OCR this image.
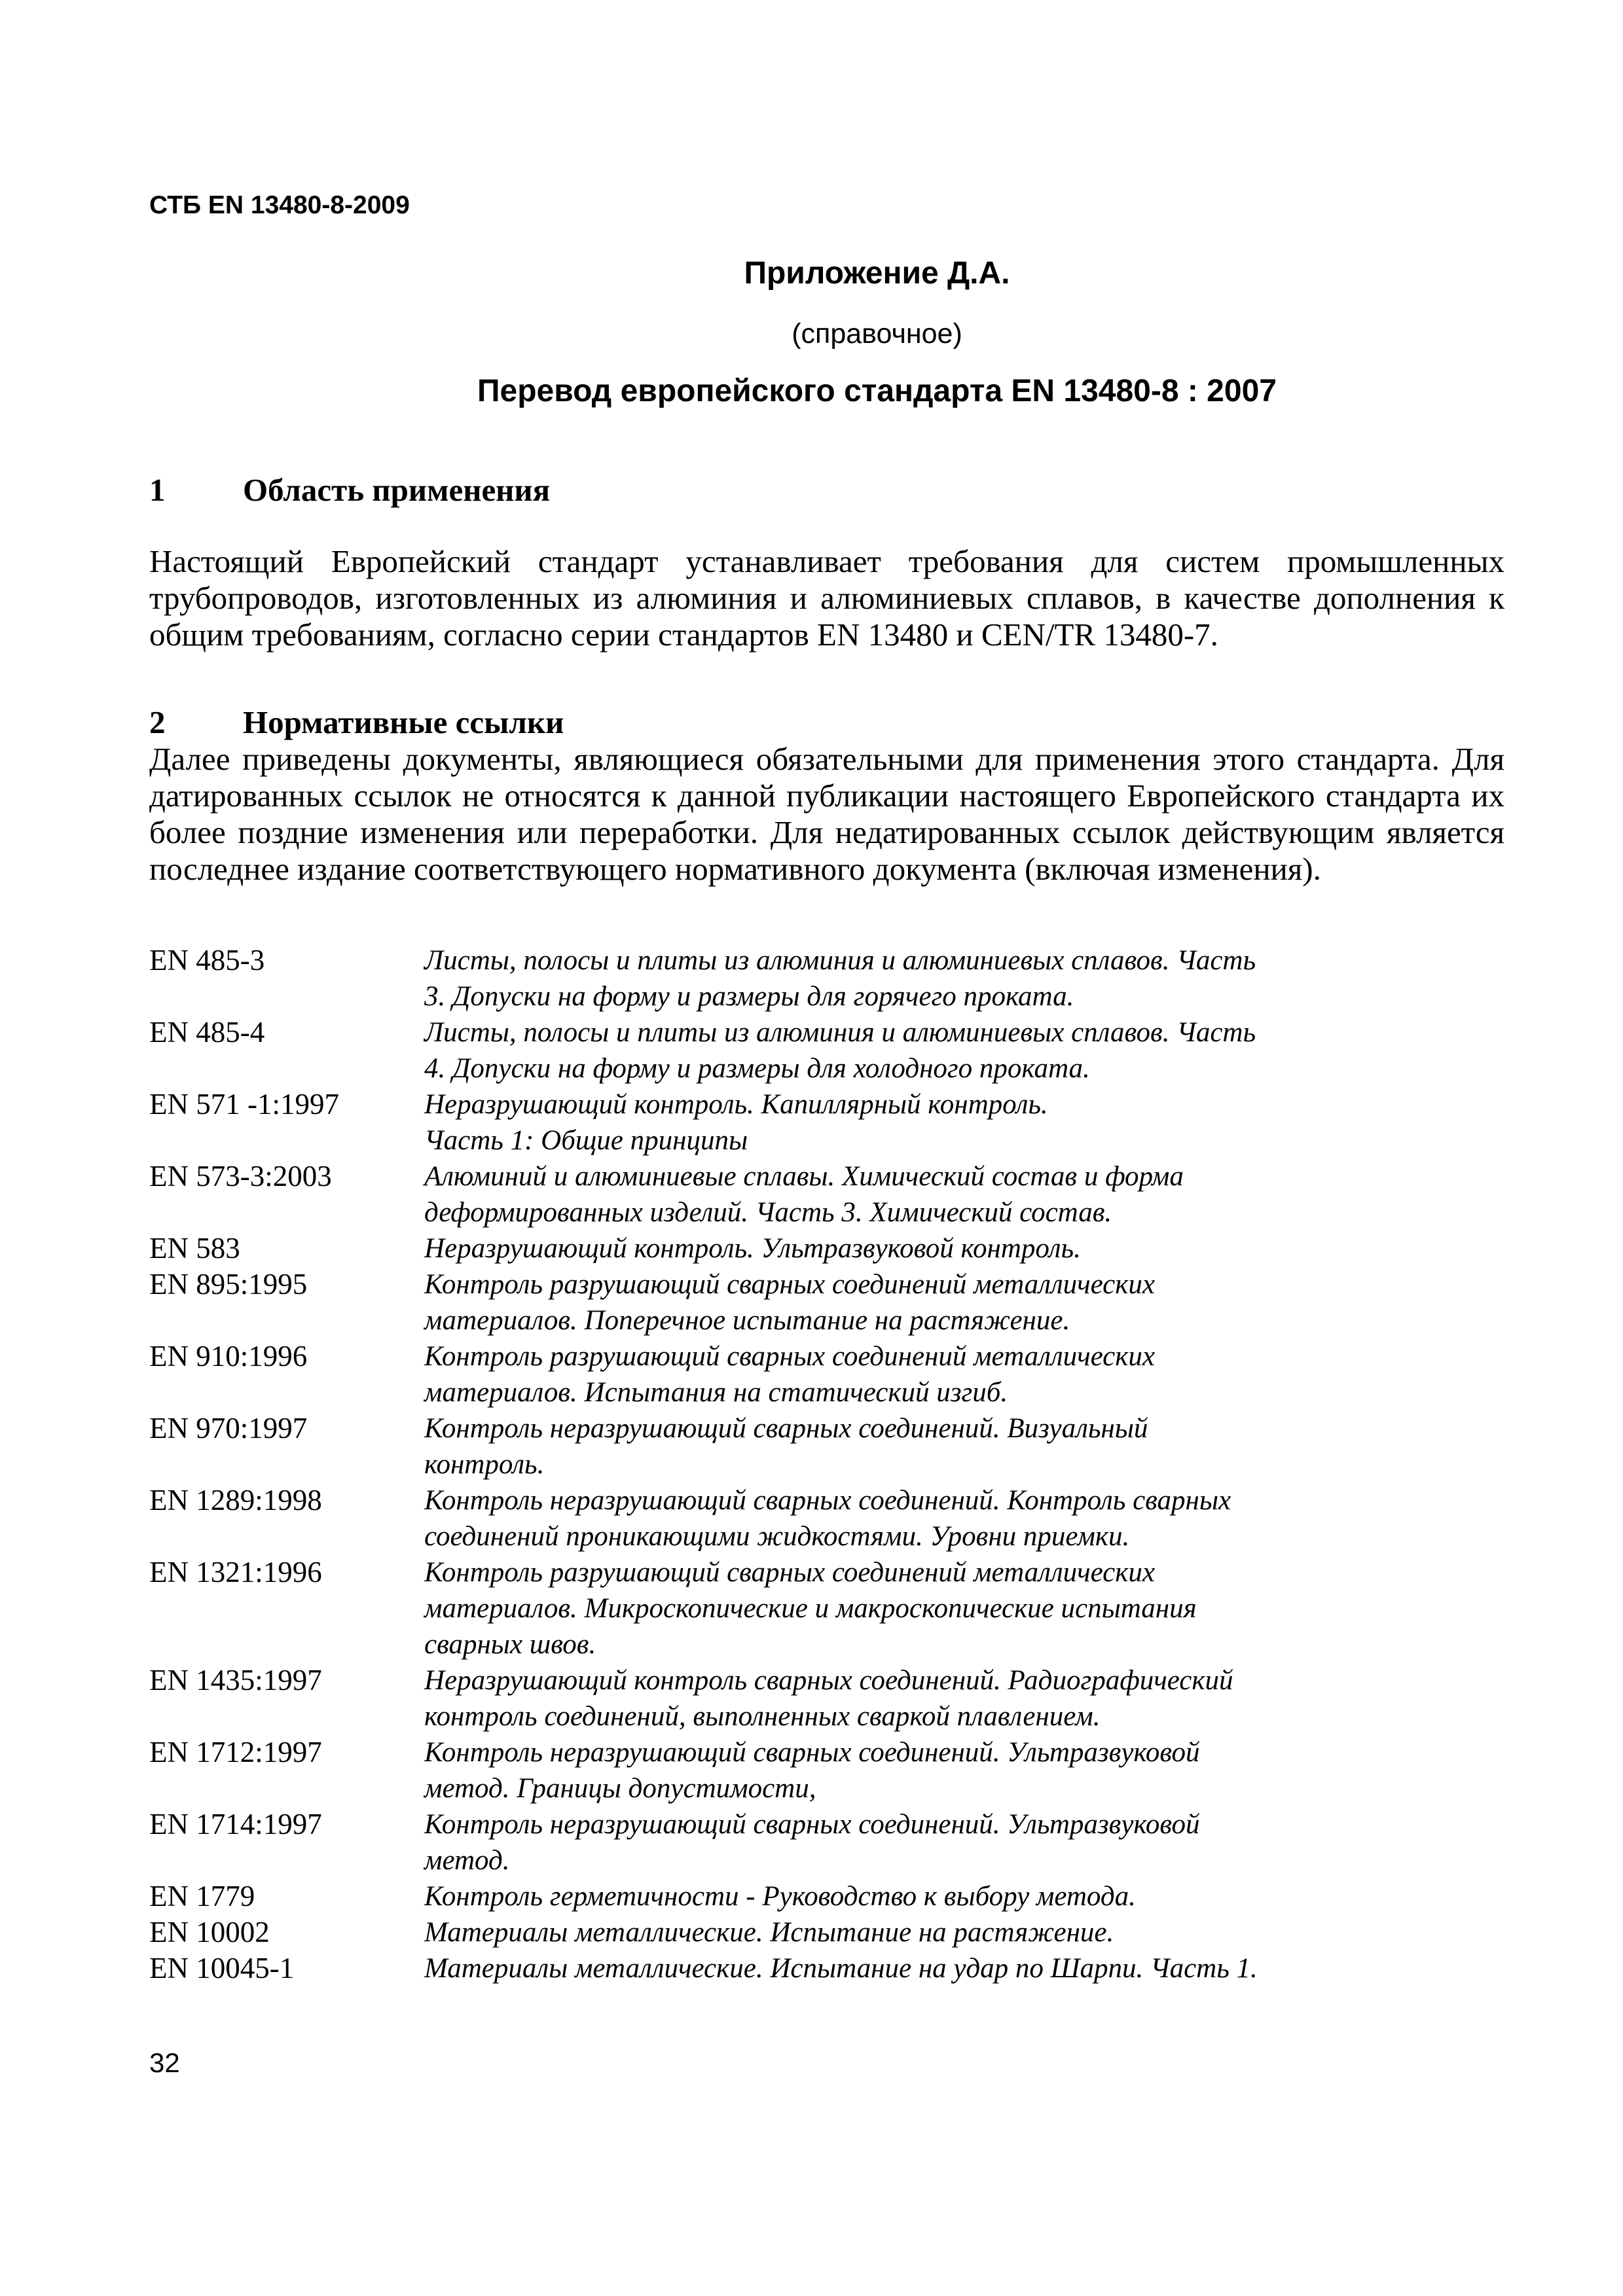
СТБ EN 13480-8-2009
Приложение Д.А.
(справочное)
Перевод европейского стандарта EN 13480-8 : 2007
1 Область применения
Настоящий Европейский стандарт устанавливает требования для систем промышленных трубопроводов, изготовленных из алюминия и алюминиевых сплавов, в качестве дополнения к общим требованиям, согласно серии стандартов EN 13480 и CEN/TR 13480-7.
2 Нормативные ссылки
Далее приведены документы, являющиеся обязательными для применения этого стандарта. Для датированных ссылок не относятся к данной публикации настоящего Европейского стандарта их более поздние изменения или переработки. Для недатированных ссылок действующим является последнее издание соответствующего нормативного документа (включая изменения).
EN 485-3	Листы, полосы и плиты из алюминия и алюминиевых сплавов. Часть
3. Допуски на форму и размеры для горячего проката.
EN 485-4	Листы, полосы и плиты из алюминия и алюминиевых сплавов. Часть
4. Допуски на форму и размеры для холодного проката.
EN 571 -1:1997	Неразрушающий контроль. Капиллярный контроль.
Часть 1: Общие принципы
EN 573-3:2003	Алюминий и алюминиевые сплавы. Химический состав и форма
деформированных изделий. Часть 3. Химический состав.
EN 583	Неразрушающий контроль. Ультразвуковой контроль.
EN 895:1995	Контроль разрушающий сварных соединений металлических
материалов. Поперечное испытание на растяжение.
EN 910:1996	Контроль разрушающий сварных соединений металлических
материалов. Испытания на статический изгиб.
EN 970:1997	Контроль неразрушающий сварных соединений. Визуальный
контроль.
EN 1289:1998	Контроль неразрушающий сварных соединений. Контроль сварных
соединений проникающими жидкостями. Уровни приемки.
EN 1321:1996	Контроль разрушающий сварных соединений металлических
материалов. Микроскопические и макроскопические испытания
сварных швов.
EN 1435:1997	Неразрушающий контроль сварных соединений. Радиографический
контроль соединений, выполненных сваркой плавлением.
EN 1712:1997	Контроль неразрушающий сварных соединений. Ультразвуковой
метод. Границы допустимости,
EN 1714:1997	Контроль неразрушающий сварных соединений. Ультразвуковой
метод.
EN 1779	Контроль герметичности - Руководство к выбору метода.
EN 10002	Материалы металлические. Испытание на растяжение.
EN 10045-1	Материалы металлические. Испытание на удар по Шарпи. Часть 1.
32
